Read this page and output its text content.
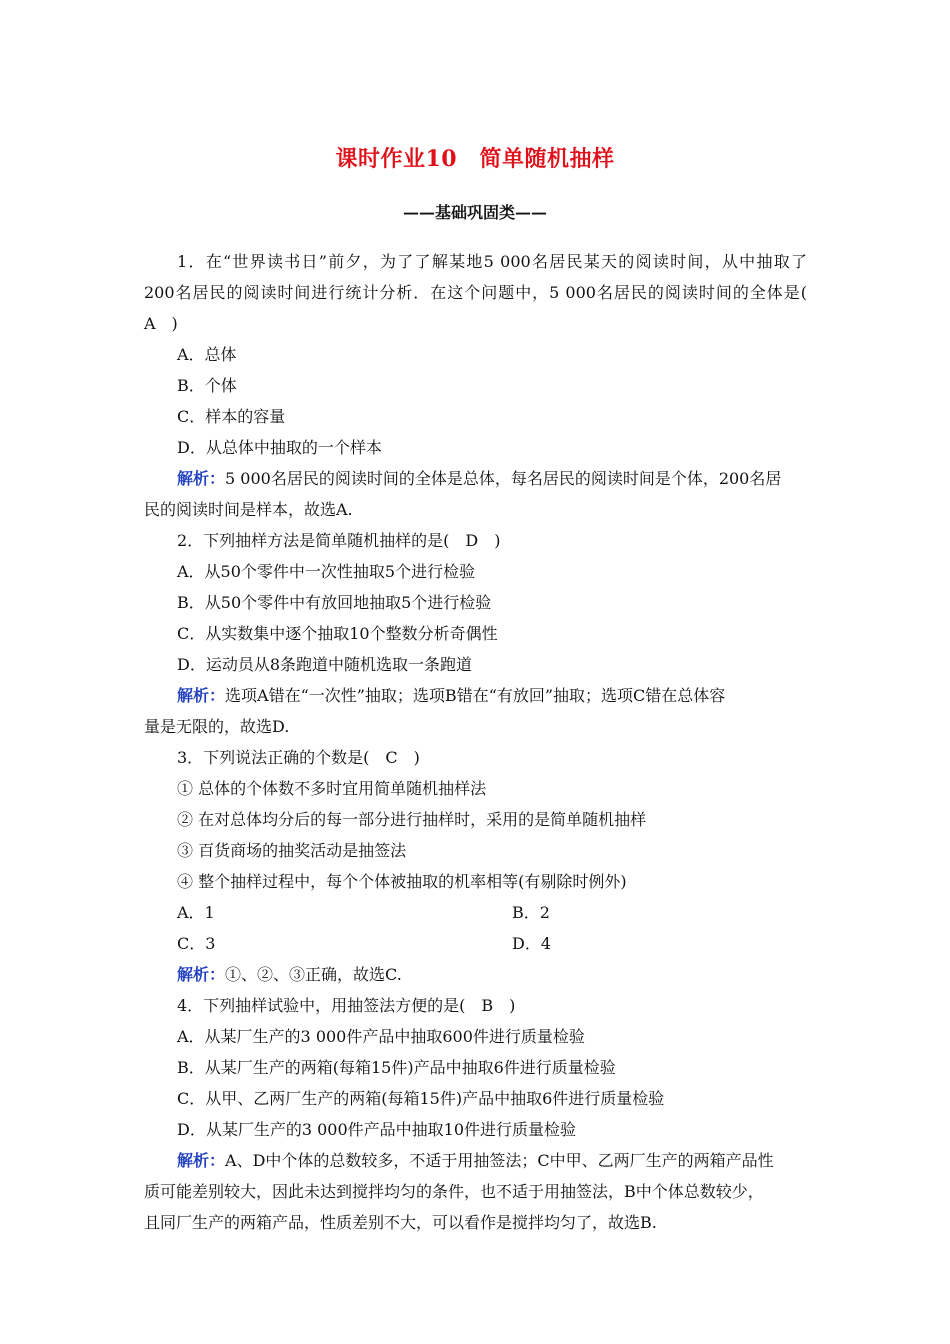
课时作业10　简单随机抽样
——基础巩固类——
1．在“世界读书日”前夕，为了了解某地5 000名居民某天的阅读时间，从中抽取了
200名居民的阅读时间进行统计分析．在这个问题中，5 000名居民的阅读时间的全体是(
A　)
A．总体
B．个体
C．样本的容量
D．从总体中抽取的一个样本
解析：5 000名居民的阅读时间的全体是总体，每名居民的阅读时间是个体，200名居
民的阅读时间是样本，故选A.
2．下列抽样方法是简单随机抽样的是(　D　)
A．从50个零件中一次性抽取5个进行检验
B．从50个零件中有放回地抽取5个进行检验
C．从实数集中逐个抽取10个整数分析奇偶性
D．运动员从8条跑道中随机选取一条跑道
解析：选项A错在“一次性”抽取；选项B错在“有放回”抽取；选项C错在总体容
量是无限的，故选D.
3．下列说法正确的个数是(　C　)
① 总体的个体数不多时宜用简单随机抽样法
② 在对总体均分后的每一部分进行抽样时，采用的是简单随机抽样
③ 百货商场的抽奖活动是抽签法
④ 整个抽样过程中，每个个体被抽取的机率相等(有剔除时例外)
A．1	B．2
C．3	D．4
解析：①、②、③正确，故选C.
4．下列抽样试验中，用抽签法方便的是(　B　)
A．从某厂生产的3 000件产品中抽取600件进行质量检验
B．从某厂生产的两箱(每箱15件)产品中抽取6件进行质量检验
C．从甲、乙两厂生产的两箱(每箱15件)产品中抽取6件进行质量检验
D．从某厂生产的3 000件产品中抽取10件进行质量检验
解析：A、D中个体的总数较多，不适于用抽签法；C中甲、乙两厂生产的两箱产品性
质可能差别较大，因此未达到搅拌均匀的条件，也不适于用抽签法，B中个体总数较少，
且同厂生产的两箱产品，性质差别不大，可以看作是搅拌均匀了，故选B.
